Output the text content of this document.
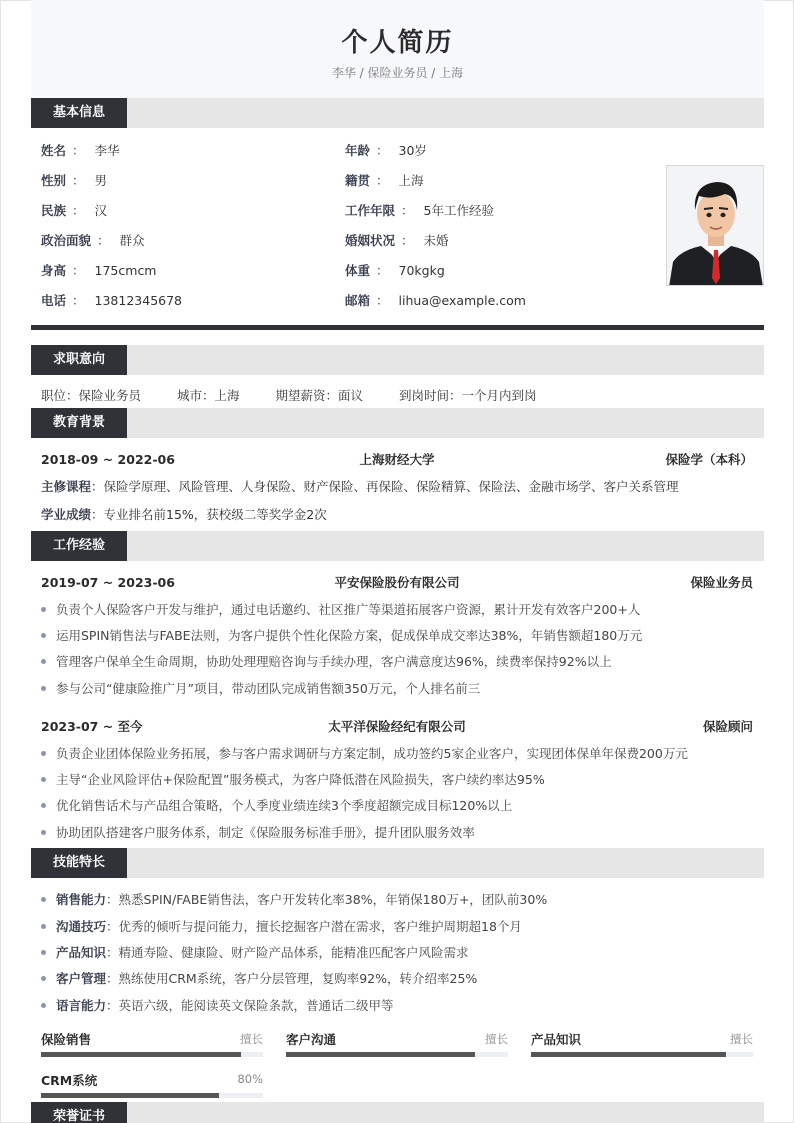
个人简历
李华 / 保险业务员 / 上海
基本信息
姓名 ： 李华	年龄 ： 30岁
性别 ： 男	籍贯 ： 上海
民族 ： 汉	工作年限 ： 5年工作经验
政治面貌 ： 群众	婚姻状况 ： 未婚
身高 ： 175cmcm	体重 ： 70kgkg
电话 ： 13812345678	邮箱 ： lihua@example.com
求职意向
职位：保险业务员	城市：上海	期望薪资：面议	到岗时间：一个月内到岗
教育背景
2018-09 ~ 2022-06	上海财经大学	保险学（本科）
主修课程：保险学原理、风险管理、人身保险、财产保险、再保险、保险精算、保险法、金融市场学、客户关系管理
学业成绩：专业排名前15%，获校级二等奖学金2次
工作经验
2019-07 ~ 2023-06	平安保险股份有限公司	保险业务员
负责个人保险客户开发与维护，通过电话邀约、社区推广等渠道拓展客户资源，累计开发有效客户200+人
运用SPIN销售法与FABE法则，为客户提供个性化保险方案，促成保单成交率达38%，年销售额超180万元
管理客户保单全生命周期，协助处理理赔咨询与手续办理，客户满意度达96%，续费率保持92%以上
参与公司“健康险推广月”项目，带动团队完成销售额350万元，个人排名前三
2023-07 ~ 至今	太平洋保险经纪有限公司	保险顾问
负责企业团体保险业务拓展，参与客户需求调研与方案定制，成功签约5家企业客户，实现团体保单年保费200万元
主导“企业风险评估+保险配置”服务模式，为客户降低潜在风险损失，客户续约率达95%
优化销售话术与产品组合策略，个人季度业绩连续3个季度超额完成目标120%以上
协助团队搭建客户服务体系，制定《保险服务标准手册》，提升团队服务效率
技能特长
销售能力：熟悉SPIN/FABE销售法，客户开发转化率38%，年销保180万+，团队前30%
沟通技巧：优秀的倾听与提问能力，擅长挖掘客户潜在需求，客户维护周期超18个月
产品知识：精通寿险、健康险、财产险产品体系，能精准匹配客户风险需求
客户管理：熟练使用CRM系统，客户分层管理，复购率92%，转介绍率25%
语言能力：英语六级，能阅读英文保险条款，普通话二级甲等
保险销售	擅长 客户沟通	擅长 产品知识	擅长
CRM系统	80%
荣誉证书
